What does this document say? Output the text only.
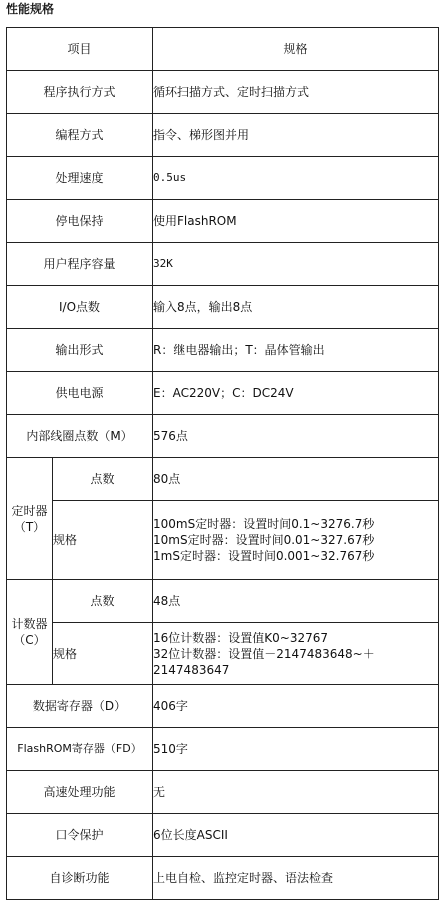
性能规格
项目		规格
程序执行方式		循环扫描方式、定时扫描方式
编程方式		指令、梯形图并用
处理速度		0.5us
停电保持		使用FlashROM
用户程序容量		32K
I/O点数		输入8点，输出8点
输出形式		R：继电器输出；T：晶体管输出
供电电源		E：AC220V；C：DC24V
内部线圈点数（M）		576点

定时器
（T）	点数	80点
	规格	100mS定时器：设置时间0.1~3276.7秒
10mS定时器：设置时间0.01~327.67秒
1mS定时器：设置时间0.001~32.767秒

计数器
（C）	点数	48点
	规格	16位计数器：设置值K0~32767
32位计数器：设置值－2147483648~＋2147483647

数据寄存器（D）		406字
FlashROM寄存器（FD）		510字
高速处理功能		无
口令保护		6位长度ASCII
自诊断功能		上电自检、监控定时器、语法检查
